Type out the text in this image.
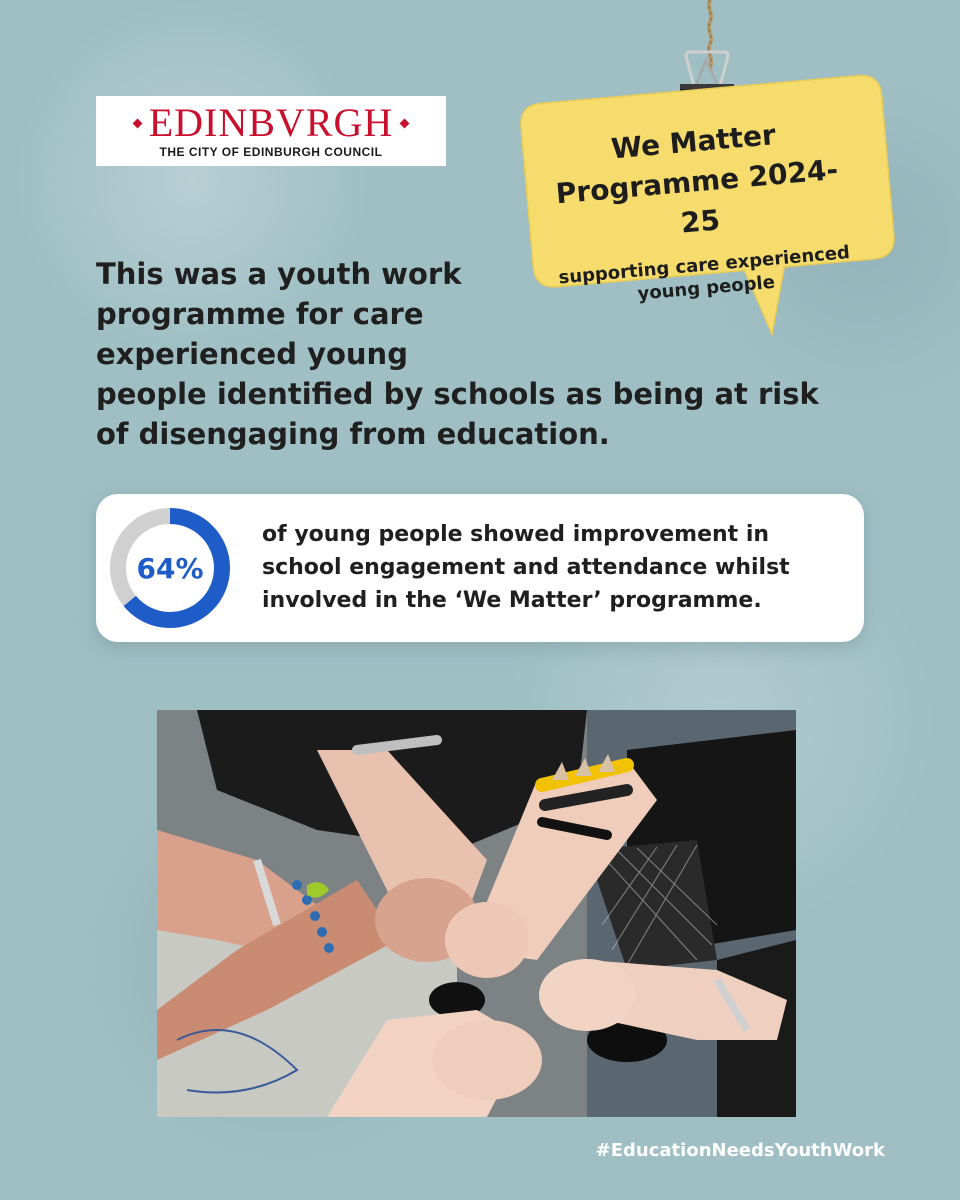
EDINBVRGH
THE CITY OF EDINBURGH COUNCIL	We Matter Programme 2024-25
supporting care experienced young people
This was a youth work
programme for care
experienced young
people identified by schools as being at risk
of disengaging from education.
64%
of young people showed improvement in
school engagement and attendance whilst
involved in the ‘We Matter’ programme.
#EducationNeedsYouthWork
